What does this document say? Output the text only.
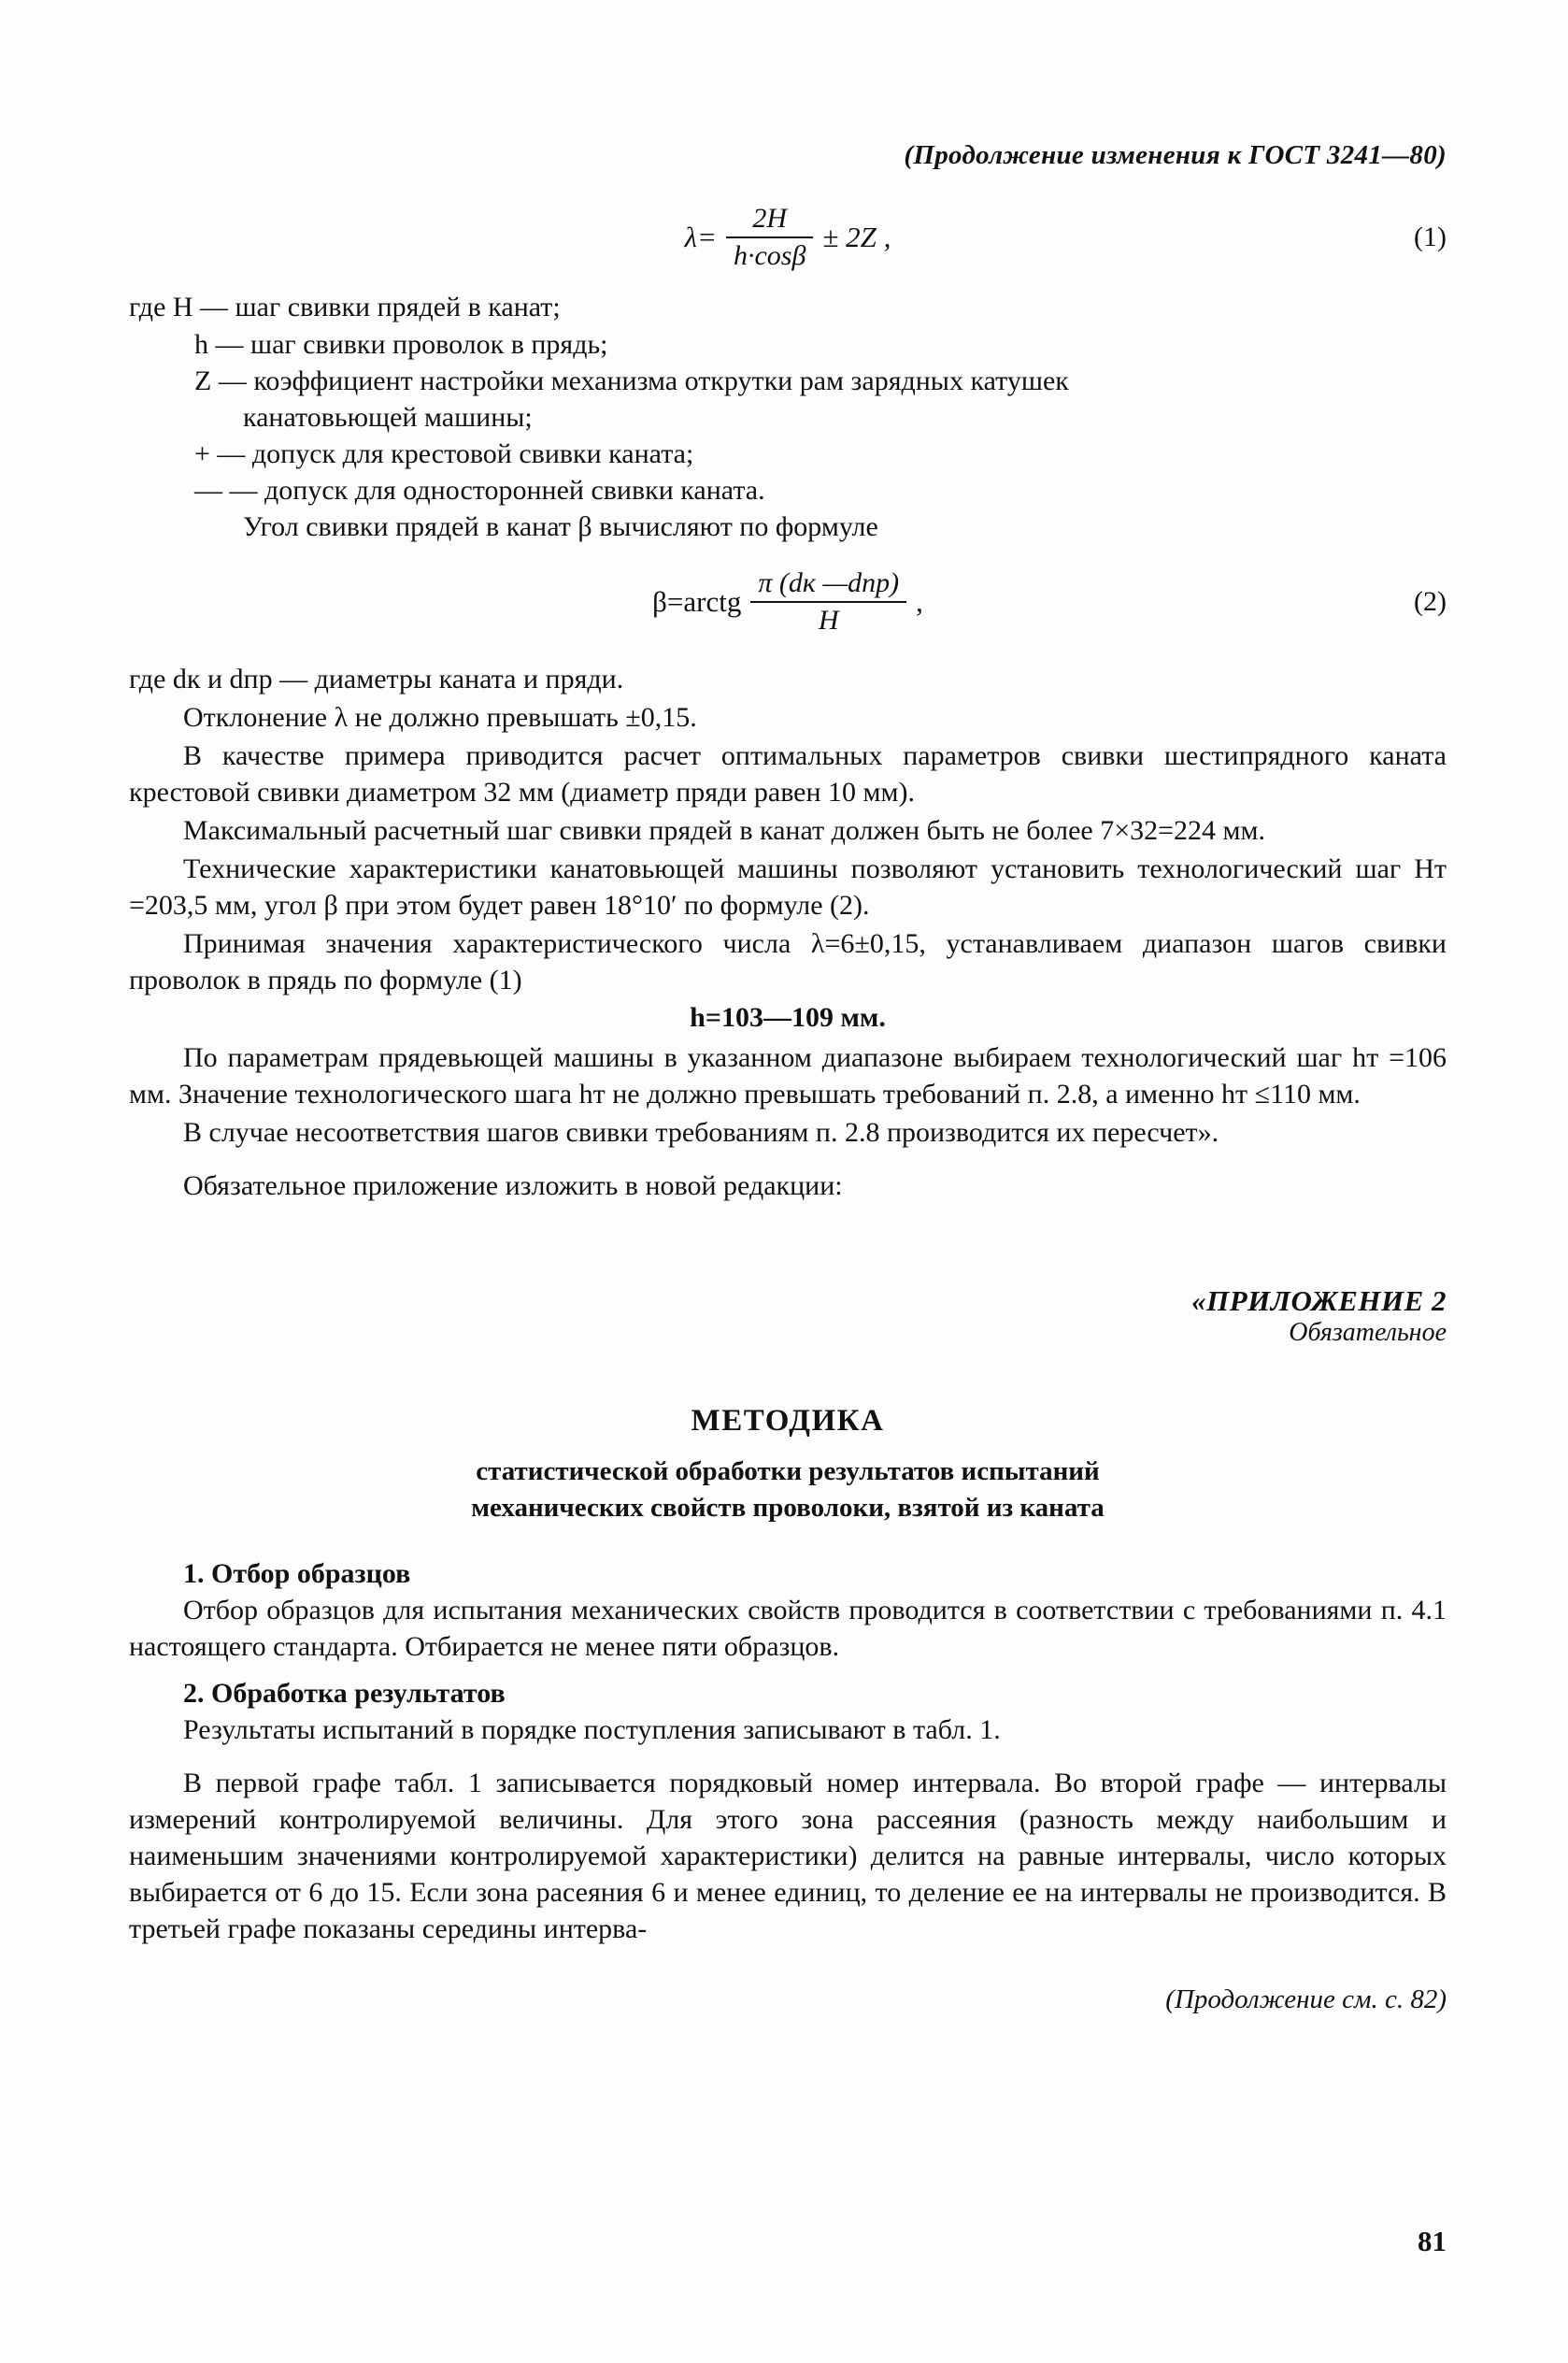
(Продолжение изменения к ГОСТ 3241—80)
$\lambda= \frac{2H}{h\cdot\cos\beta} \pm 2Z$ ,	(1)
где H — шаг свивки прядей в канат;
h — шаг свивки проволок в прядь;
Z — коэффициент настройки механизма открутки рам зарядных катушек
канатовьющей машины;
+ — допуск для крестовой свивки каната;
— — допуск для односторонней свивки каната.
Угол свивки прядей в канат β вычисляют по формуле
β=arctg $\frac{\text{π (dк —dпр)}}{H}$ ,	(2)

где dк и dпр — диаметры каната и пряди.

Отклонение λ не должно превышать ±0,15.

В качестве примера приводится расчет оптимальных параметров свивки шестипрядного каната крестовой свивки диаметром 32 мм (диаметр пряди равен 10 мм).

Максимальный расчетный шаг свивки прядей в канат должен быть не более 7×32=224 мм.

Технические характеристики канатовьющей машины позволяют установить технологический шаг Hт =203,5 мм, угол β при этом будет равен 18°10′ по формуле (2).

Принимая значения характеристического числа λ=6±0,15, устанавливаем диапазон шагов свивки проволок в прядь по формуле (1)

h=103—109 мм.

По параметрам прядевьющей машины в указанном диапазоне выбираем технологический шаг hт =106 мм. Значение технологического шага hт не должно превышать требований п. 2.8, а именно hт ≤110 мм.

В случае несоответствия шагов свивки требованиям п. 2.8 производится их пересчет».

Обязательное приложение изложить в новой редакции:

«ПРИЛОЖЕНИЕ 2
Обязательное
МЕТОДИКА
статистической обработки результатов испытаний
механических свойств проволоки, взятой из каната
1. Отбор образцов

Отбор образцов для испытания механических свойств проводится в соответствии с требованиями п. 4.1 настоящего стандарта. Отбирается не менее пяти образцов.

2. Обработка результатов

Результаты испытаний в порядке поступления записывают в табл. 1.

В первой графе табл. 1 записывается порядковый номер интервала. Во второй графе — интервалы измерений контролируемой величины. Для этого зона рассеяния (разность между наибольшим и наименьшим значениями контролируемой характеристики) делится на равные интервалы, число которых выбирается от 6 до 15. Если зона расеяния 6 и менее единиц, то деление ее на интервалы не производится. В третьей графе показаны середины интерва-

(Продолжение см. с. 82)
81
